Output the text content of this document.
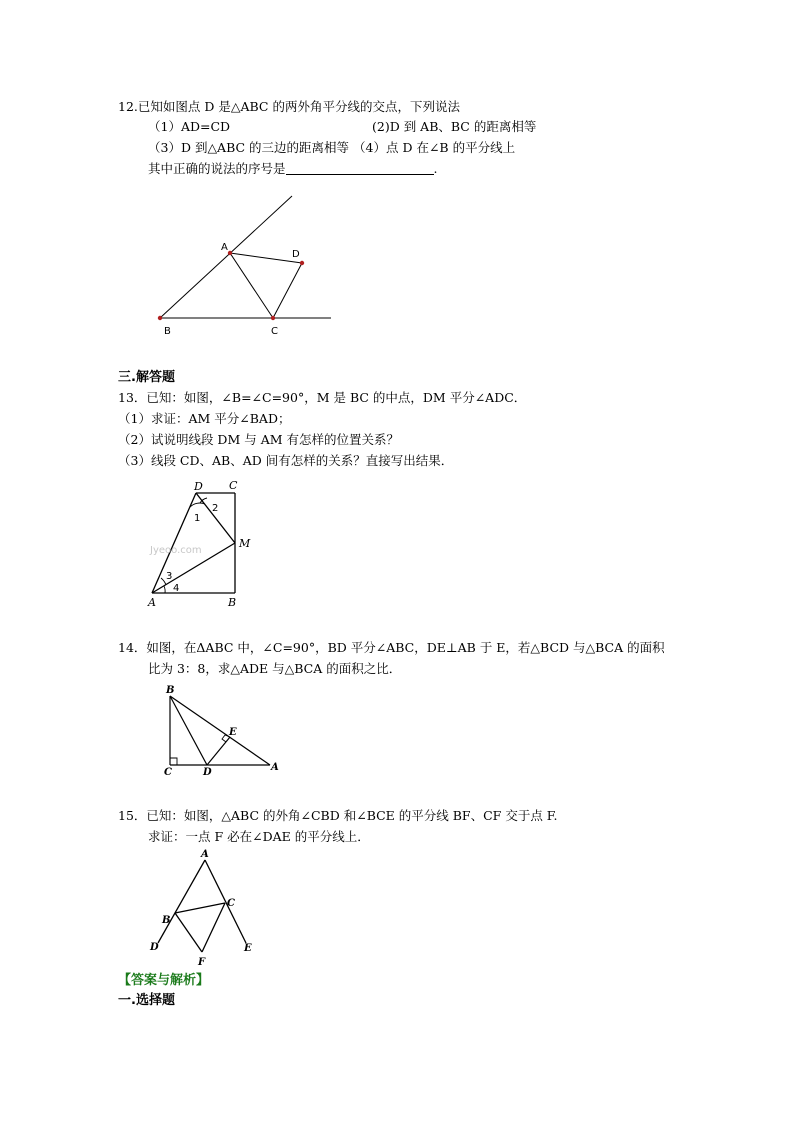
12.已知如图点 D 是△ABC 的两外角平分线的交点，下列说法
（1）AD=CD	(2)D 到 AB、BC 的距离相等
（3）D 到△ABC 的三边的距离相等 （4）点 D 在∠B 的平分线上
其中正确的说法的序号是	.
A
D
B	C
Jyeoo.com
D C
M
A	B
1
2
3
4
B
E
C	D	A
A
B
C
D	E
F
三.解答题
13．已知：如图，∠B=∠C=90°，M 是 BC 的中点，DM 平分∠ADC．
（1）求证：AM 平分∠BAD；
（2）试说明线段 DM 与 AM 有怎样的位置关系？
（3）线段 CD、AB、AD 间有怎样的关系？直接写出结果．
14．如图，在ΔABC 中，∠C=90°，BD 平分∠ABC，DE⊥AB 于 E，若△BCD 与△BCA 的面积
比为 3：8，求△ADE 与△BCA 的面积之比．
15．已知：如图，△ABC 的外角∠CBD 和∠BCE 的平分线 BF、CF 交于点 F.
求证：一点 F 必在∠DAE 的平分线上．
【答案与解析】
一.选择题
